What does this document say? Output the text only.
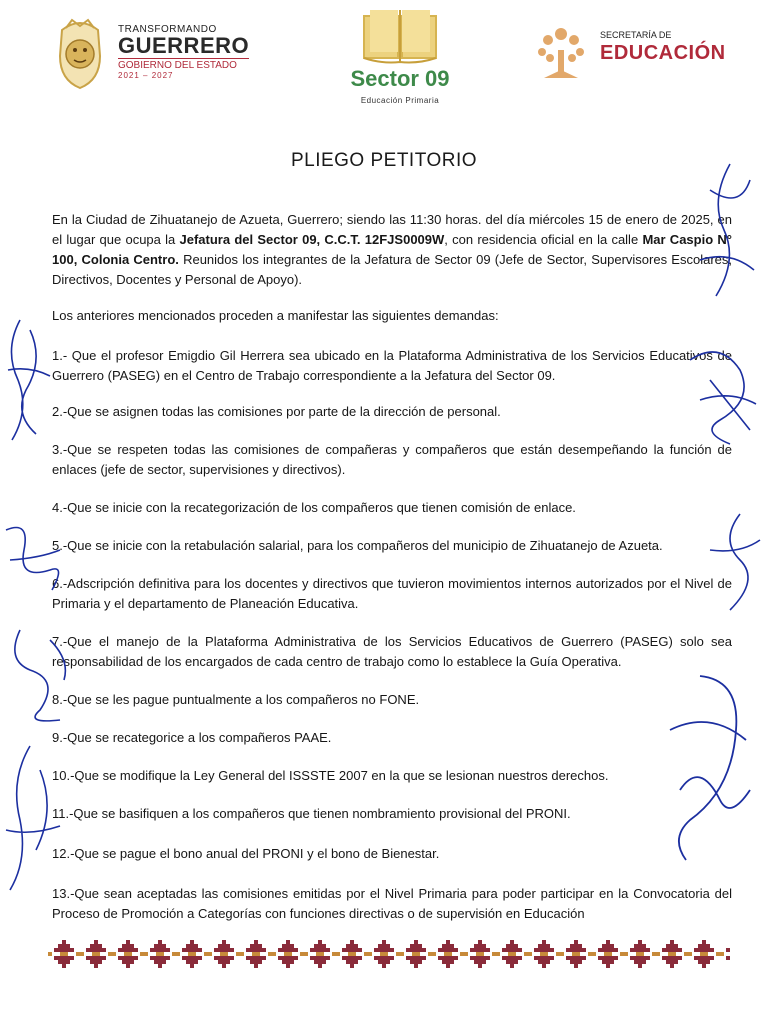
TRANSFORMANDO
GUERRERO
GOBIERNO DEL ESTADO
2021 – 2027	Sector 09
Educación Primaria
SECRETARÍA DE
EDUCACIÓN
PLIEGO PETITORIO
En la Ciudad de Zihuatanejo de Azueta, Guerrero; siendo las 11:30 horas. del día miércoles 15 de enero de 2025, en el lugar que ocupa la Jefatura del Sector 09, C.C.T. 12FJS0009W, con residencia oficial en la calle Mar Caspio N° 100, Colonia Centro. Reunidos los integrantes de la Jefatura de Sector 09 (Jefe de Sector, Supervisores Escolares, Directivos, Docentes y Personal de Apoyo).
Los anteriores mencionados proceden a manifestar las siguientes demandas:
1.- Que el profesor Emigdio Gil Herrera sea ubicado en la Plataforma Administrativa de los Servicios Educativos de Guerrero (PASEG) en el Centro de Trabajo correspondiente a la Jefatura del Sector 09.
2.-Que se asignen todas las comisiones por parte de la dirección de personal.
3.-Que se respeten todas las comisiones de compañeras y compañeros que están desempeñando la función de enlaces (jefe de sector, supervisiones y directivos).
4.-Que se inicie con la recategorización de los compañeros que tienen comisión de enlace.
5.-Que se inicie con la retabulación salarial, para los compañeros del municipio de Zihuatanejo de Azueta.
6.-Adscripción definitiva para los docentes y directivos que tuvieron movimientos internos autorizados por el Nivel de Primaria y el departamento de Planeación Educativa.
7.-Que el manejo de la Plataforma Administrativa de los Servicios Educativos de Guerrero (PASEG) solo sea responsabilidad de los encargados de cada centro de trabajo como lo establece la Guía Operativa.
8.-Que se les pague puntualmente a los compañeros no FONE.
9.-Que se recategorice a los compañeros PAAE.
10.-Que se modifique la Ley General del ISSSTE 2007 en la que se lesionan nuestros derechos.
11.-Que se basifiquen a los compañeros que tienen nombramiento provisional del PRONI.
12.-Que se pague el bono anual del PRONI y el bono de Bienestar.
13.-Que sean aceptadas las comisiones emitidas por el Nivel Primaria para poder participar en la Convocatoria del Proceso de Promoción a Categorías con funciones directivas o de supervisión en Educación
